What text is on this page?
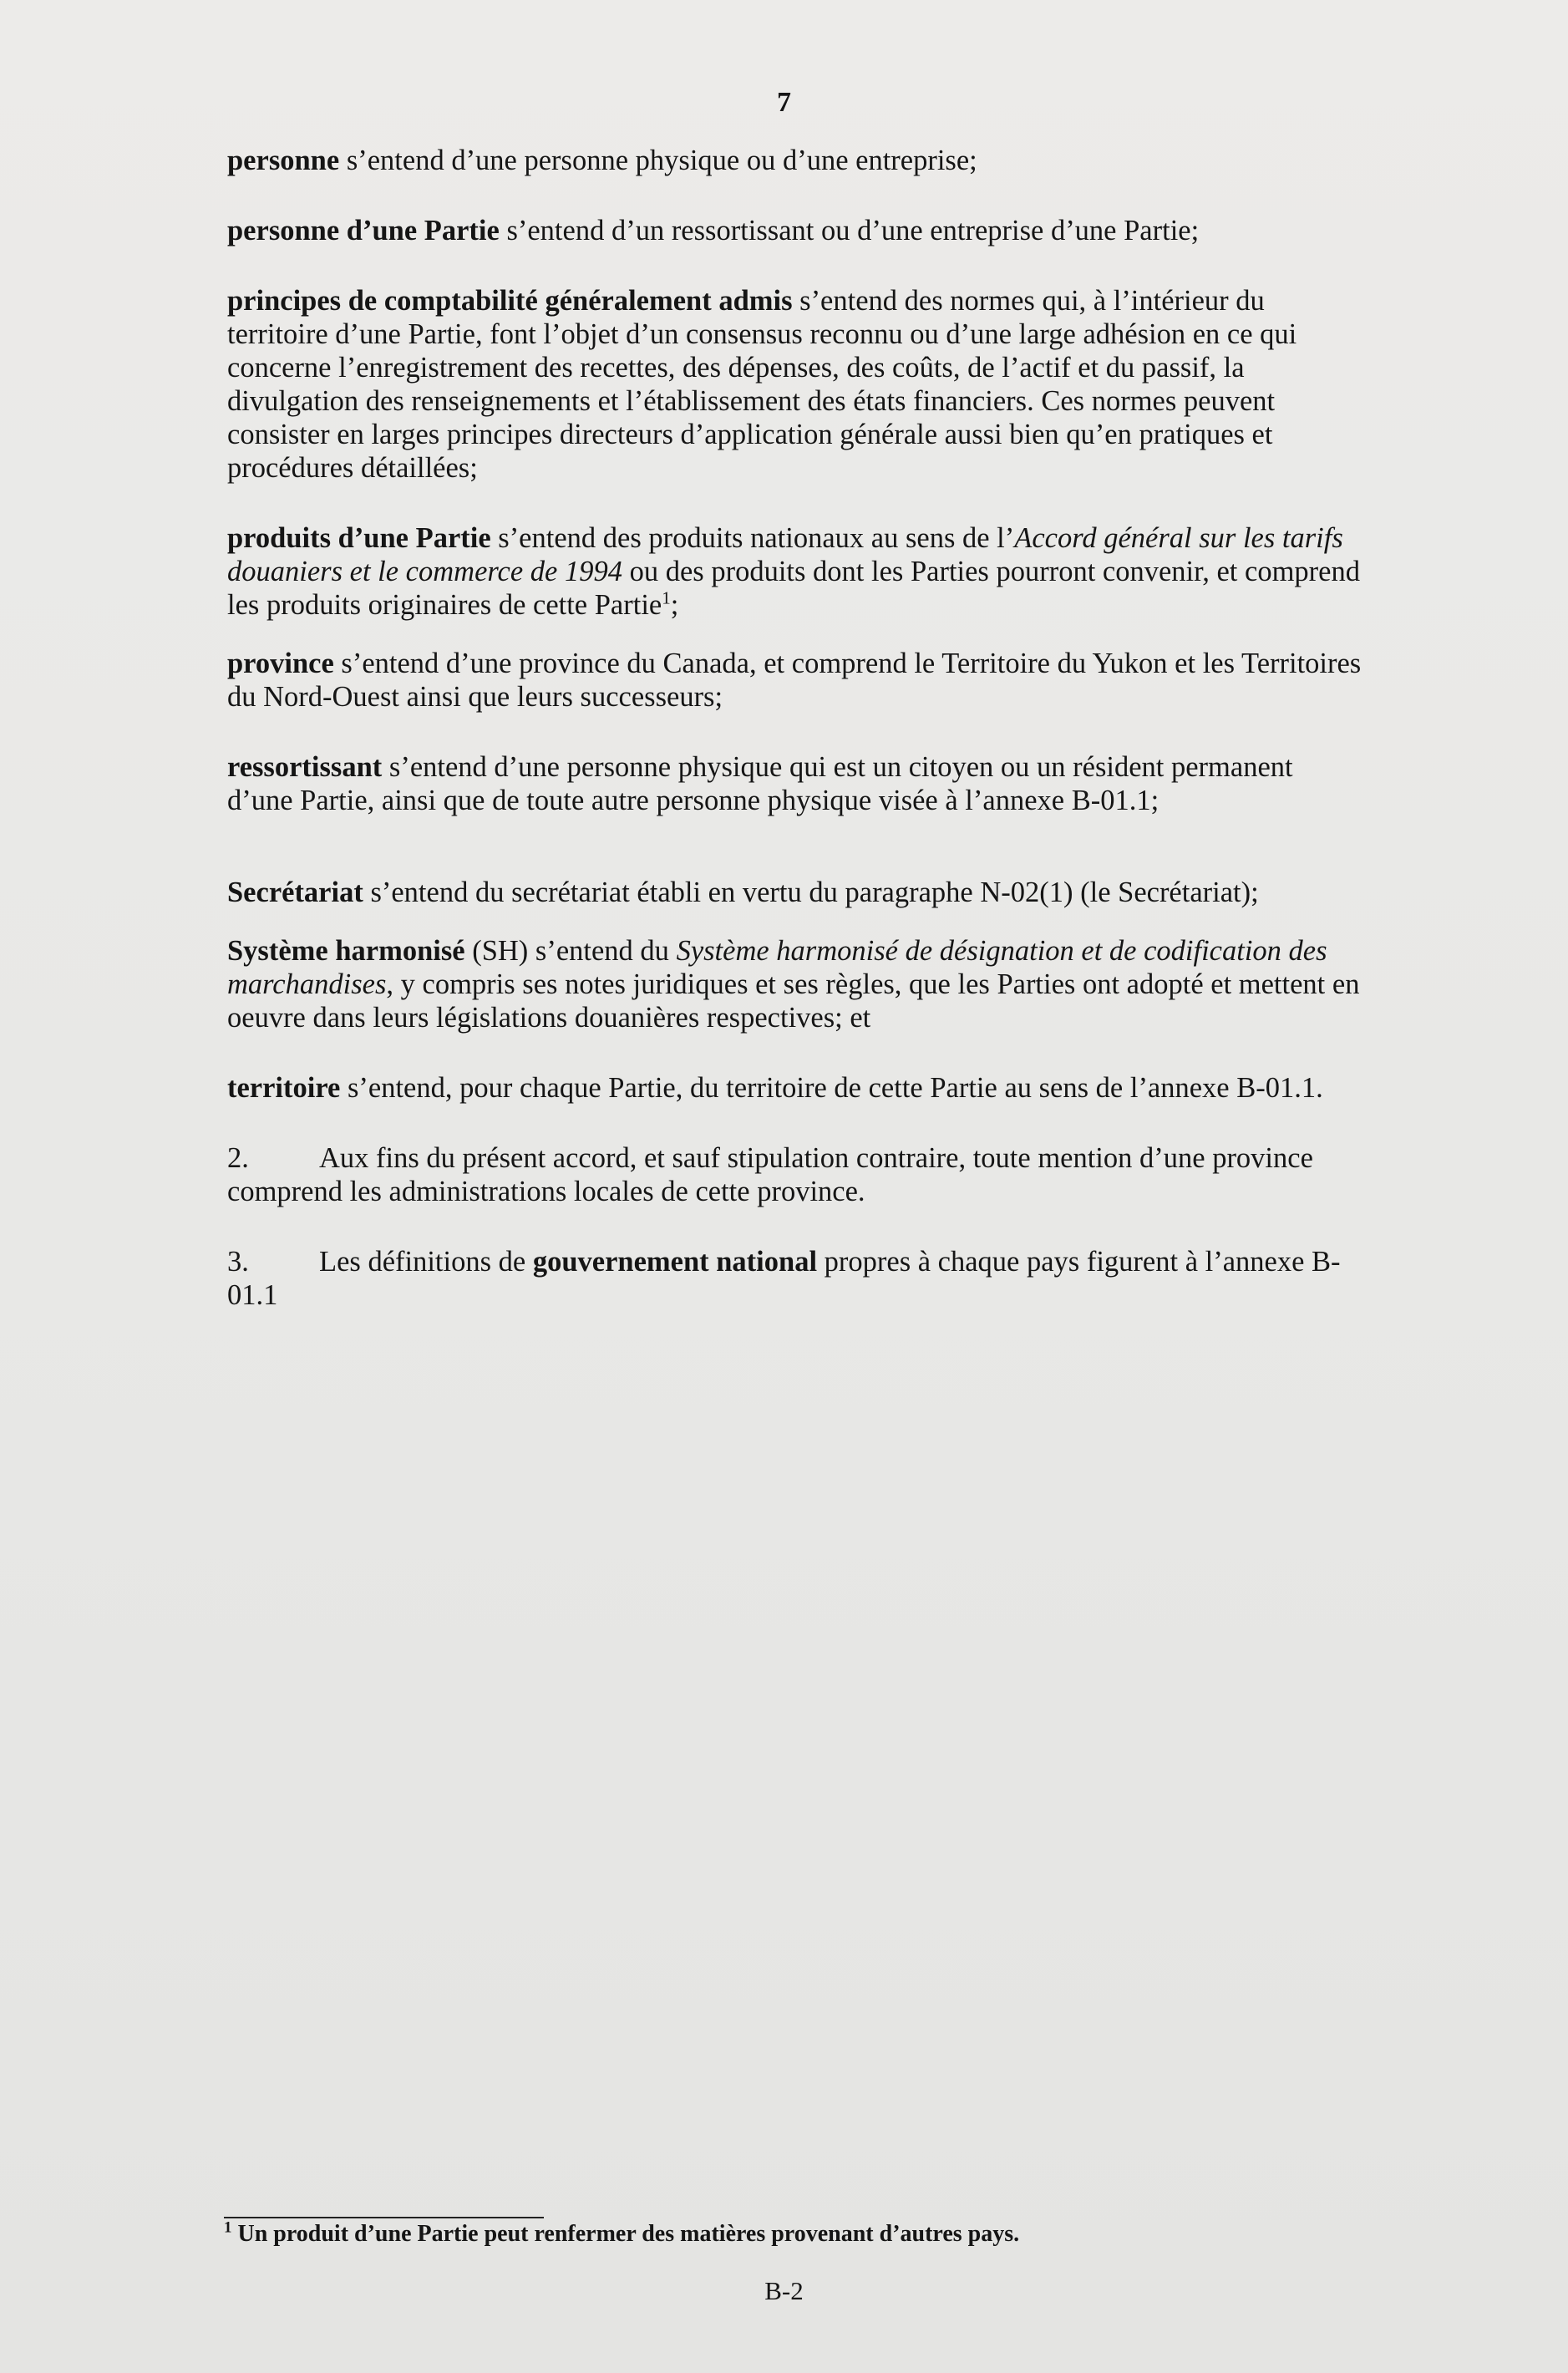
7

personne s’entend d’une personne physique ou d’une entreprise;

personne d’une Partie s’entend d’un ressortissant ou d’une entreprise d’une Partie;

principes de comptabilité généralement admis s’entend des normes qui, à l’intérieur du territoire d’une Partie, font l’objet d’un consensus reconnu ou d’une large adhésion en ce qui concerne l’enregistrement des recettes, des dépenses, des coûts, de l’actif et du passif, la divulgation des renseignements et l’établissement des états financiers. Ces normes peuvent consister en larges principes directeurs d’application générale aussi bien qu’en pratiques et procédures détaillées;

produits d’une Partie s’entend des produits nationaux au sens de l’Accord général sur les tarifs douaniers et le commerce de 1994 ou des produits dont les Parties pourront convenir, et comprend les produits originaires de cette Partie$^1$;

province s’entend d’une province du Canada, et comprend le Territoire du Yukon et les Territoires du Nord-Ouest ainsi que leurs successeurs;

ressortissant s’entend d’une personne physique qui est un citoyen ou un résident permanent d’une Partie, ainsi que de toute autre personne physique visée à l’annexe B-01.1;

Secrétariat s’entend du secrétariat établi en vertu du paragraphe N-02(1) (le Secrétariat);

Système harmonisé (SH) s’entend du Système harmonisé de désignation et de codification des marchandises, y compris ses notes juridiques et ses règles, que les Parties ont adopté et mettent en oeuvre dans leurs législations douanières respectives; et

territoire s’entend, pour chaque Partie, du territoire de cette Partie au sens de l’annexe B-01.1.

2. Aux fins du présent accord, et sauf stipulation contraire, toute mention d’une province comprend les administrations locales de cette province.

3. Les définitions de gouvernement national propres à chaque pays figurent à l’annexe B-01.1

$^1$ Un produit d’une Partie peut renfermer des matières provenant d’autres pays.
B-2
